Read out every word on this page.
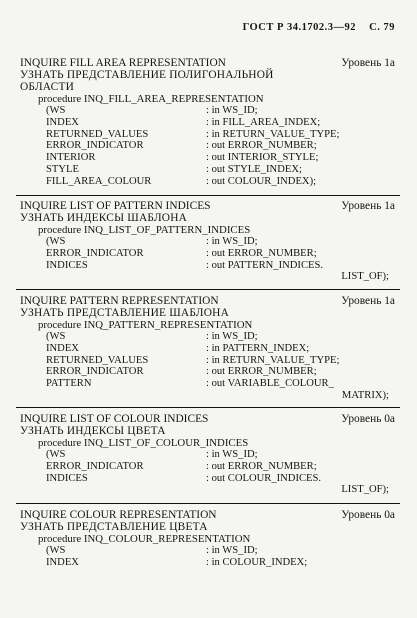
ГОСТ Р 34.1702.3—92 С. 79
INQUIRE FILL AREA REPRESENTATION	Уровень 1а
УЗНАТЬ ПРЕДСТАВЛЕНИЕ ПОЛИГОНАЛЬНОЙ
ОБЛАСТИ
procedure INQ_FILL_AREA_REPRESENTATION
(WS	: in WS_ID;
INDEX	: in FILL_AREA_INDEX;
RETURNED_VALUES	: in RETURN_VALUE_TYPE;
ERROR_INDICATOR	: out ERROR_NUMBER;
INTERIOR	: out INTERIOR_STYLE;
STYLE	: out STYLE_INDEX;
FILL_AREA_COLOUR	: out COLOUR_INDEX);
INQUIRE LIST OF PATTERN INDICES	Уровень 1а
УЗНАТЬ ИНДЕКСЫ ШАБЛОНА
procedure INQ_LIST_OF_PATTERN_INDICES
(WS	: in WS_ID;
ERROR_INDICATOR	: out ERROR_NUMBER;
INDICES	: out PATTERN_INDICES.
LIST_OF);
INQUIRE PATTERN REPRESENTATION	Уровень 1а
УЗНАТЬ ПРЕДСТАВЛЕНИЕ ШАБЛОНА
procedure INQ_PATTERN_REPRESENTATION
(WS	: in WS_ID;
INDEX	: in PATTERN_INDEX;
RETURNED_VALUES	: in RETURN_VALUE_TYPE;
ERROR_INDICATOR	: out ERROR_NUMBER;
PATTERN	: out VARIABLE_COLOUR_
MATRIX);
INQUIRE LIST OF COLOUR INDICES	Уровень 0а
УЗНАТЬ ИНДЕКСЫ ЦВЕТА
procedure INQ_LIST_OF_COLOUR_INDICES
(WS	: in WS_ID;
ERROR_INDICATOR	: out ERROR_NUMBER;
INDICES	: out COLOUR_INDICES.
LIST_OF);
INQUIRE COLOUR REPRESENTATION	Уровень 0а
УЗНАТЬ ПРЕДСТАВЛЕНИЕ ЦВЕТА
procedure INQ_COLOUR_REPRESENTATION
(WS	: in WS_ID;
INDEX	: in COLOUR_INDEX;
